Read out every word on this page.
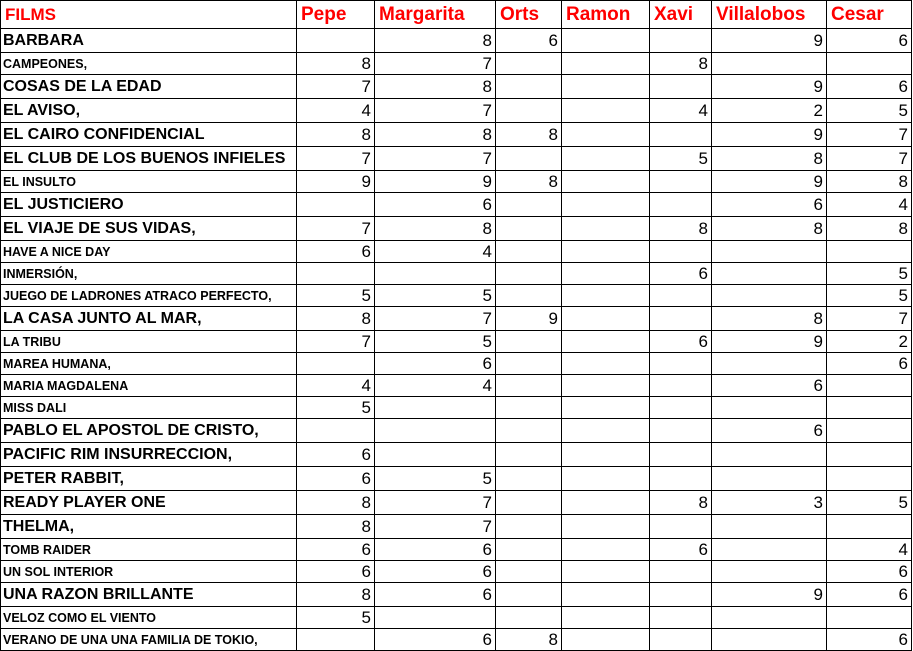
FILMS	Pepe	Margarita	Orts	Ramon	Xavi	Villalobos	Cesar
BARBARA		8	6			9	6
CAMPEONES,	8	7			8		
COSAS DE LA EDAD	7	8				9	6
EL AVISO,	4	7			4	2	5
EL CAIRO CONFIDENCIAL	8	8	8			9	7
EL CLUB DE LOS BUENOS INFIELES	7	7			5	8	7
EL INSULTO	9	9	8			9	8
EL JUSTICIERO		6				6	4
EL VIAJE DE SUS VIDAS,	7	8			8	8	8
HAVE A NICE DAY	6	4					
INMERSIÓN,					6		5
JUEGO DE LADRONES ATRACO PERFECTO,	5	5					5
LA CASA JUNTO AL MAR,	8	7	9			8	7
LA TRIBU	7	5			6	9	2
MAREA HUMANA,		6					6
MARIA MAGDALENA	4	4				6	
MISS DALI	5						
PABLO EL APOSTOL DE CRISTO,						6	
PACIFIC RIM INSURRECCION,	6						
PETER RABBIT,	6	5					
READY PLAYER ONE	8	7			8	3	5
THELMA,	8	7					
TOMB RAIDER	6	6			6		4
UN SOL INTERIOR	6	6					6
UNA RAZON BRILLANTE	8	6				9	6
VELOZ COMO EL VIENTO	5						
VERANO DE UNA UNA FAMILIA DE TOKIO,		6	8				6
